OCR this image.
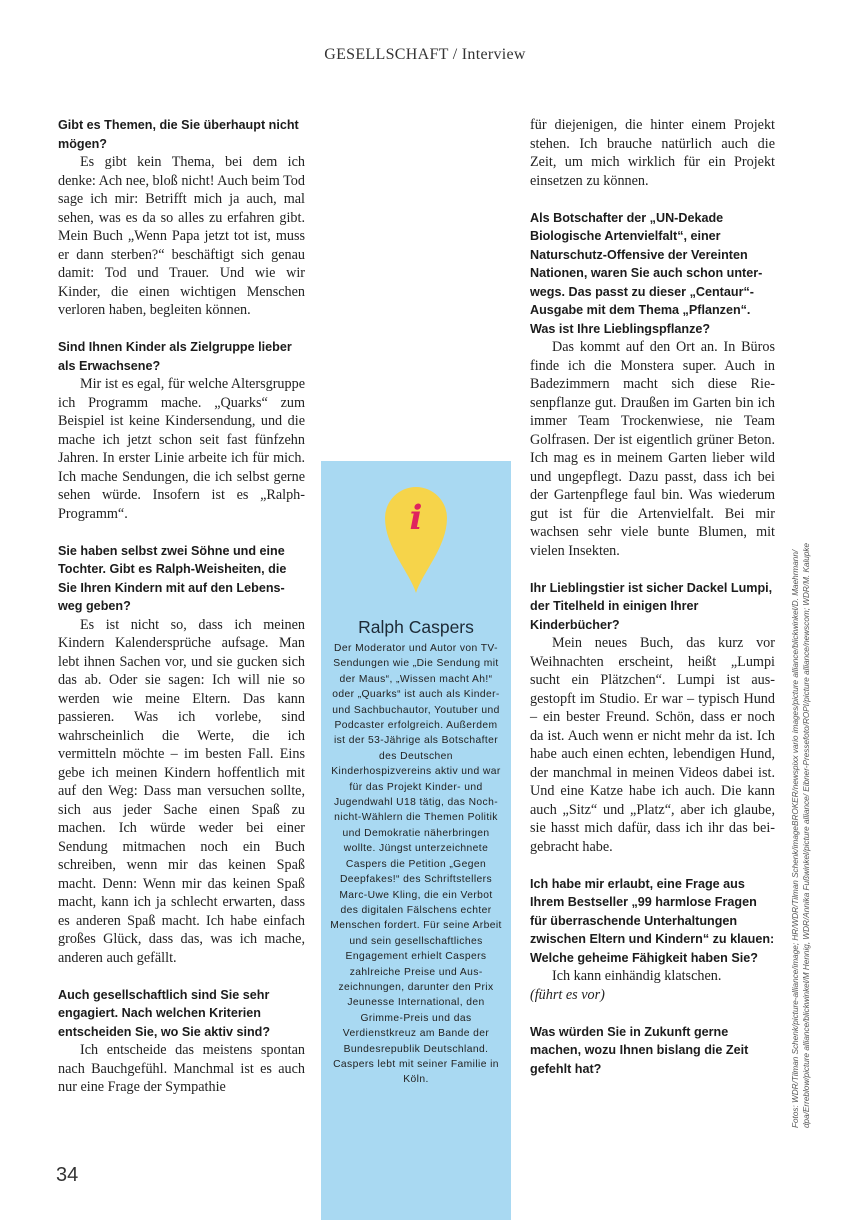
GESELLSCHAFT / Interview

Gibt es Themen, die Sie überhaupt nicht mögen?

Es gibt kein Thema, bei dem ich denke: Ach nee, bloß nicht! Auch beim Tod sage ich mir: Betrifft mich ja auch, mal sehen, was es da so alles zu erfahren gibt. Mein Buch „Wenn Papa jetzt tot ist, muss er dann sterben?“ beschäftigt sich genau damit: Tod und Trauer. Und wie wir Kinder, die einen wichtigen Menschen verloren haben, begleiten können.

Sind Ihnen Kinder als Zielgruppe lieber als Erwachsene?

Mir ist es egal, für welche Altersgruppe ich Programm mache. „Quarks“ zum Beispiel ist keine Kindersendung, und die mache ich jetzt schon seit fast fünfzehn Jahren. In erster Linie arbeite ich für mich. Ich mache Sendungen, die ich selbst gerne sehen würde. Insofern ist es „Ralph-Programm“.

Sie haben selbst zwei Söhne und eine Tochter. Gibt es Ralph-Weisheiten, die Sie Ihren Kindern mit auf den Lebensweg geben?

Es ist nicht so, dass ich meinen Kindern Kalendersprüche aufsage. Man lebt ihnen Sachen vor, und sie gucken sich das ab. Oder sie sagen: Ich will nie so werden wie meine Eltern. Das kann passieren. Was ich vorlebe, sind wahrscheinlich die Werte, die ich vermitteln möchte – im besten Fall. Eins gebe ich meinen Kindern hoffentlich mit auf den Weg: Dass man versuchen sollte, sich aus jeder Sache einen Spaß zu machen. Ich würde weder bei einer Sendung mitmachen noch ein Buch schreiben, wenn mir das keinen Spaß macht. Denn: Wenn mir das keinen Spaß macht, kann ich ja schlecht erwarten, dass es anderen Spaß macht. Ich habe einfach großes Glück, dass das, was ich mache, anderen auch gefällt.

Auch gesellschaftlich sind Sie sehr engagiert. Nach welchen Kriterien entscheiden Sie, wo Sie aktiv sind?

Ich entscheide das meistens spontan nach Bauchgefühl. Manchmal ist es auch nur eine Frage der Sympathie

i
Ralph Caspers
Der Moderator und Autor von TV-Sendungen wie „Die Sendung mit der Maus“, „Wissen macht Ah!“ oder „Quarks“ ist auch als Kinder- und Sachbuchautor, Youtuber und Podcaster erfolgreich. Außerdem ist der 53-Jährige als Botschafter des Deutschen Kinderhospizvereins aktiv und war für das Projekt Kinder- und Jugendwahl U18 tätig, das Noch-nicht-Wählern die Themen Politik und Demokratie näherbringen wollte. Jüngst unterzeichnete Caspers die Petition „Gegen Deepfakes!“ des Schriftstellers Marc-Uwe Kling, die ein Verbot des digitalen Fälschens echter Menschen fordert. Für seine Arbeit und sein gesellschaftliches Engagement erhielt Caspers zahlreiche Preise und Auszeichnungen, darunter den Prix Jeunesse International, den Grimme-Preis und das Verdienstkreuz am Bande der Bundesrepublik Deutschland. Caspers lebt mit seiner Familie in Köln.

für diejenigen, die hinter einem Projekt stehen. Ich brauche natürlich auch die Zeit, um mich wirklich für ein Projekt einsetzen zu können.

Als Botschafter der „UN-Dekade Biologische Artenvielfalt“, einer Naturschutz-Offensive der Vereinten Nationen, waren Sie auch schon unterwegs. Das passt zu dieser „Centaur“-Ausgabe mit dem Thema „Pflanzen“. Was ist Ihre Lieblingspflanze?

Das kommt auf den Ort an. In Büros finde ich die Monstera super. Auch in Badezimmern macht sich diese Riesenpflanze gut. Draußen im Garten bin ich immer Team Trockenwiese, nie Team Golfrasen. Der ist eigentlich grüner Beton. Ich mag es in meinem Garten lieber wild und ungepflegt. Dazu passt, dass ich bei der Gartenpflege faul bin. Was wiederum gut ist für die Artenvielfalt. Bei mir wachsen sehr viele bunte Blumen, mit vielen Insekten.

Ihr Lieblingstier ist sicher Dackel Lumpi, der Titelheld in einigen Ihrer Kinderbücher?

Mein neues Buch, das kurz vor Weihnachten erscheint, heißt „Lumpi sucht ein Plätzchen“. Lumpi ist ausgestopft im Studio. Er war – typisch Hund – ein bester Freund. Schön, dass er noch da ist. Auch wenn er nicht mehr da ist. Ich habe auch einen echten, lebendigen Hund, der manchmal in meinen Videos dabei ist. Und eine Katze habe ich auch. Die kann auch „Sitz“ und „Platz“, aber ich glaube, sie hasst mich dafür, dass ich ihr das beigebracht habe.

Ich habe mir erlaubt, eine Frage aus Ihrem Bestseller „99 harmlose Fragen für überraschende Unterhaltungen zwischen Eltern und Kindern“ zu klauen: Welche geheime Fähigkeit haben Sie?

Ich kann einhändig klatschen.

(führt es vor)

Was würden Sie in Zukunft gerne machen, wozu Ihnen bislang die Zeit gefehlt hat?	Fotos: WDR/Tilman Schenk/picture-alliance/image; HR/WDR/Tilman Schenk/imageBROKER/newspixx vario images/picture alliance/blickwinkel/D. Maehrmann/ dpa/Erreblow/picture alliance/blickwinkel/M Hennig, WDR/Annika Fußwinkel/picture alliance/ Eibner-Pressefoto/ROPI/picture alliance/newscom; WDR/M. Kalupke
34
